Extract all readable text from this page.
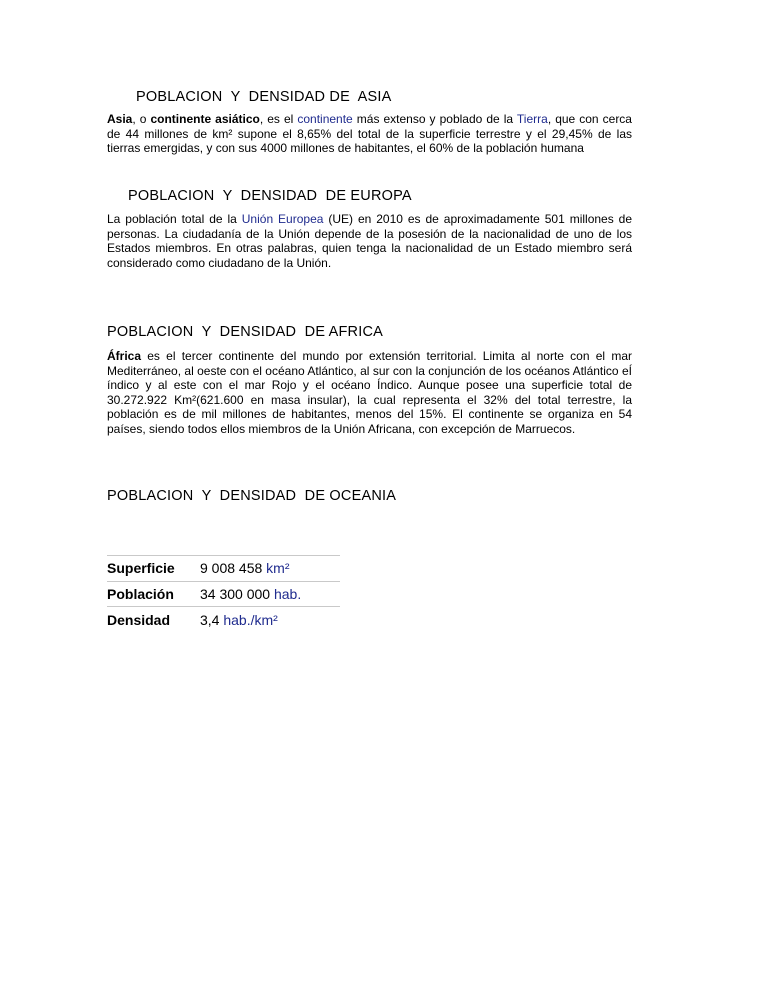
POBLACION  Y  DENSIDAD DE  ASIA

Asia, o continente asiático, es el continente más extenso y poblado de la Tierra, que con cerca de 44 millones de km² supone el 8,65% del total de la superficie terrestre y el 29,45% de las tierras emergidas, y con sus 4000 millones de habitantes, el 60% de la población humana

POBLACION  Y  DENSIDAD  DE EUROPA

La población total de la Unión Europea (UE) en 2010 es de aproximadamente 501 millones de personas. La ciudadanía de la Unión depende de la posesión de la nacionalidad de uno de los Estados miembros. En otras palabras, quien tenga la nacionalidad de un Estado miembro será considerado como ciudadano de la Unión.

POBLACION  Y  DENSIDAD  DE AFRICA

África es el tercer continente del mundo por extensión territorial. Limita al norte con el mar Mediterráneo, al oeste con el océano Atlántico, al sur con la conjunción de los océanos Atlántico eÍ índico y al este con el mar Rojo y el océano Índico. Aunque posee una superficie total de 30.272.922 Km²(621.600 en masa insular), la cual representa el 32% del total terrestre, la población es de mil millones de habitantes, menos del 15%. El continente se organiza en 54 países, siendo todos ellos miembros de la Unión Africana, con excepción de Marruecos.

POBLACION  Y  DENSIDAD  DE OCEANIA
Superficie	9 008 458 km²
Población	34 300 000 hab.
Densidad	3,4 hab./km²
